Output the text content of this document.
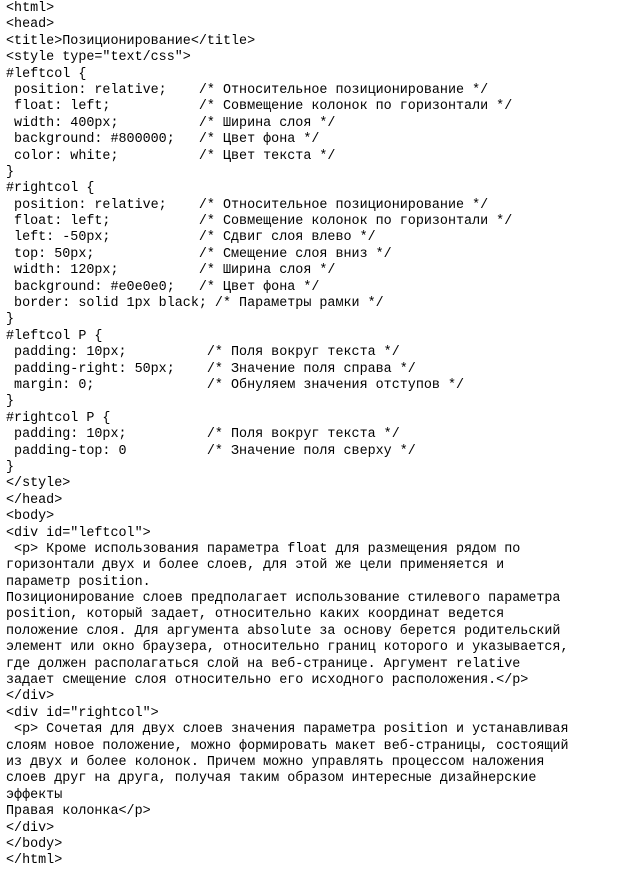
<html>
<head>
<title>Позиционирование</title>
<style type="text/css">
#leftcol {
position: relative;    /* Относительное позиционирование */
float: left;           /* Совмещение колонок по горизонтали */
width: 400px;          /* Ширина слоя */
background: #800000;   /* Цвет фона */
color: white;          /* Цвет текста */
}
#rightcol {
position: relative;    /* Относительное позиционирование */
float: left;           /* Совмещение колонок по горизонтали */
left: -50px;           /* Сдвиг слоя влево */
top: 50px;             /* Смещение слоя вниз */
width: 120px;          /* Ширина слоя */
background: #e0e0e0;   /* Цвет фона */
border: solid 1px black; /* Параметры рамки */
}
#leftcol P {
padding: 10px;          /* Поля вокруг текста */
padding-right: 50px;    /* Значение поля справа */
margin: 0;              /* Обнуляем значения отступов */
}
#rightcol P {
padding: 10px;          /* Поля вокруг текста */
padding-top: 0          /* Значение поля сверху */
}
</style>
</head>
<body>
<div id="leftcol">
<p> Кроме использования параметра float для размещения рядом по
горизонтали двух и более слоев, для этой же цели применяется и
параметр position.
Позиционирование слоев предполагает использование стилевого параметра
position, который задает, относительно каких координат ведется
положение слоя. Для аргумента absolute за основу берется родительский
элемент или окно браузера, относительно границ которого и указывается,
где должен располагаться слой на веб-странице. Аргумент relative
задает смещение слоя относительно его исходного расположения.</p>
</div>
<div id="rightcol">
<p> Сочетая для двух слоев значения параметра position и устанавливая
слоям новое положение, можно формировать макет веб-страницы, состоящий
из двух и более колонок. Причем можно управлять процессом наложения
слоев друг на друга, получая таким образом интересные дизайнерские
эффекты
Правая колонка</p>
</div>
</body>
</html>
